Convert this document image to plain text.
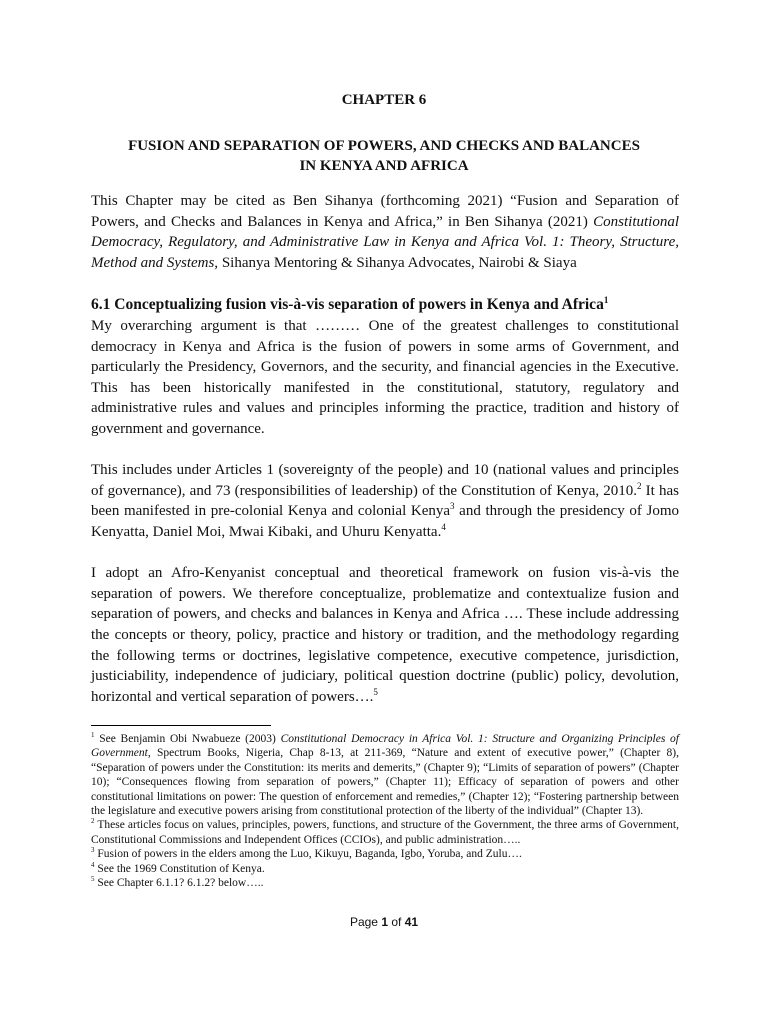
CHAPTER 6
FUSION AND SEPARATION OF POWERS, AND CHECKS AND BALANCES
IN KENYA AND AFRICA

This Chapter may be cited as Ben Sihanya (forthcoming 2021) “Fusion and Separation of Powers, and Checks and Balances in Kenya and Africa,” in Ben Sihanya (2021) Constitutional Democracy, Regulatory, and Administrative Law in Kenya and Africa Vol. 1: Theory, Structure, Method and Systems, Sihanya Mentoring & Sihanya Advocates, Nairobi & Siaya

6.1 Conceptualizing fusion vis-à-vis separation of powers in Kenya and Africa$^1$

My overarching argument is that ……… One of the greatest challenges to constitutional democracy in Kenya and Africa is the fusion of powers in some arms of Government, and particularly the Presidency, Governors, and the security, and financial agencies in the Executive. This has been historically manifested in the constitutional, statutory, regulatory and administrative rules and values and principles informing the practice, tradition and history of government and governance.

This includes under Articles 1 (sovereignty of the people) and 10 (national values and principles of governance), and 73 (responsibilities of leadership) of the Constitution of Kenya, 2010.$^2$ It has been manifested in pre-colonial Kenya and colonial Kenya$^3$ and through the presidency of Jomo Kenyatta, Daniel Moi, Mwai Kibaki, and Uhuru Kenyatta.$^4$

I adopt an Afro-Kenyanist conceptual and theoretical framework on fusion vis-à-vis the separation of powers. We therefore conceptualize, problematize and contextualize fusion and separation of powers, and checks and balances in Kenya and Africa …. These include addressing the concepts or theory, policy, practice and history or tradition, and the methodology regarding the following terms or doctrines, legislative competence, executive competence, jurisdiction, justiciability, independence of judiciary, political question doctrine (public) policy, devolution, horizontal and vertical separation of powers….$^5$

$^1$ See Benjamin Obi Nwabueze (2003) Constitutional Democracy in Africa Vol. 1: Structure and Organizing Principles of Government, Spectrum Books, Nigeria, Chap 8-13, at 211-369, “Nature and extent of executive power,” (Chapter 8), “Separation of powers under the Constitution: its merits and demerits,” (Chapter 9); “Limits of separation of powers” (Chapter 10); “Consequences flowing from separation of powers,” (Chapter 11); Efficacy of separation of powers and other constitutional limitations on power: The question of enforcement and remedies,” (Chapter 12); “Fostering partnership between the legislature and executive powers arising from constitutional protection of the liberty of the individual” (Chapter 13).

$^2$ These articles focus on values, principles, powers, functions, and structure of the Government, the three arms of Government, Constitutional Commissions and Independent Offices (CCIOs), and public administration…..

$^3$ Fusion of powers in the elders among the Luo, Kikuyu, Baganda, Igbo, Yoruba, and Zulu….

$^4$ See the 1969 Constitution of Kenya.

$^5$ See Chapter 6.1.1? 6.1.2? below…..

Page 1 of 41
